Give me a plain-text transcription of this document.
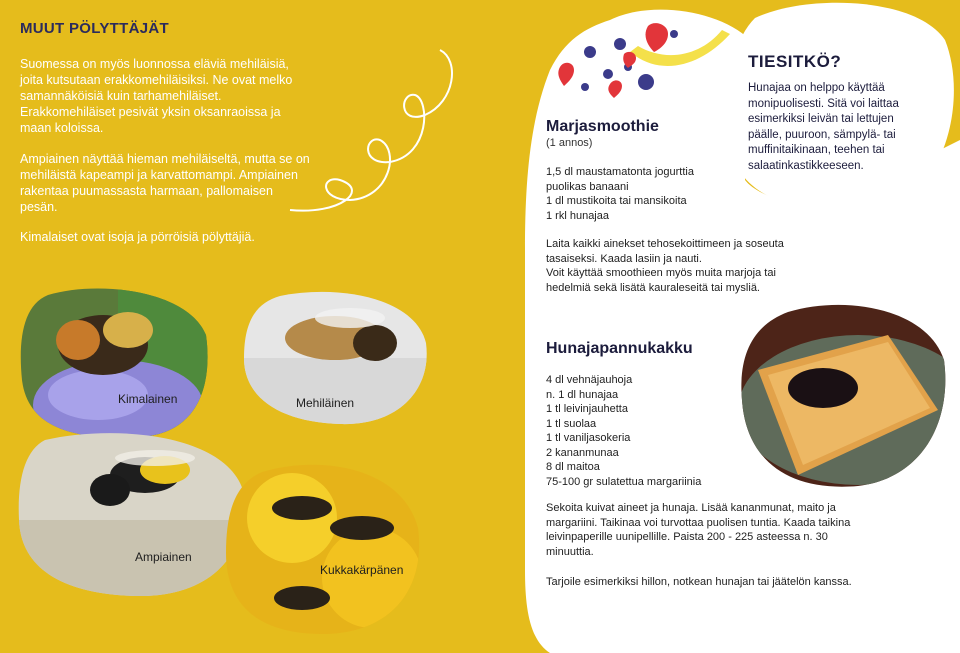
MUUT PÖLYTTÄJÄT

Suomessa on myös luonnossa eläviä mehiläisiä, joita kutsutaan erakkomehiläisiksi. Ne ovat melko samannäköisiä kuin tarhamehiläiset. Erakkomehiläiset pesivät yksin oksanraoissa ja maan koloissa.

Ampiainen näyttää hieman mehiläiseltä, mutta se on mehiläistä kapeampi ja karvattomampi. Ampiainen rakentaa puumassasta harmaan, pallomaisen pesän.

Kimalaiset ovat isoja ja pörröisiä pölyttäjiä.

Kimalainen	Mehiläinen
Ampiainen
Kukkakärpänen
TIESITKÖ?

Hunajaa on helppo käyttää monipuolisesti. Sitä voi laittaa esimerkiksi leivän tai lettujen päälle, puuroon, sämpylä- tai muffinitaikinaan, teehen tai salaatinkastikkeeseen.

Marjasmoothie

(1 annos)

1,5 dl maustamatonta jogurttia
puolikas banaani
1 dl mustikoita tai mansikoita
1 rkl hunajaa

Laita kaikki ainekset tehosekoittimeen ja soseuta tasaiseksi. Kaada lasiin ja nauti.

Voit käyttää smoothieen myös muita marjoja tai hedelmiä sekä lisätä kauraleseitä tai mysliä.

Hunajapannukakku
4 dl vehnäjauhoja
n. 1 dl hunajaa
1 tl leivinjauhetta
1 tl suolaa
1 tl vaniljasokeria
2 kananmunaa
8 dl maitoa
75-100 gr sulatettua margariinia

Sekoita kuivat aineet ja hunaja. Lisää kananmunat, maito ja margariini. Taikinaa voi turvottaa puolisen tuntia. Kaada taikina leivinpaperille uunipellille. Paista 200 - 225 asteessa n. 30 minuuttia.

Tarjoile esimerkiksi hillon, notkean hunajan tai jäätelön kanssa.
